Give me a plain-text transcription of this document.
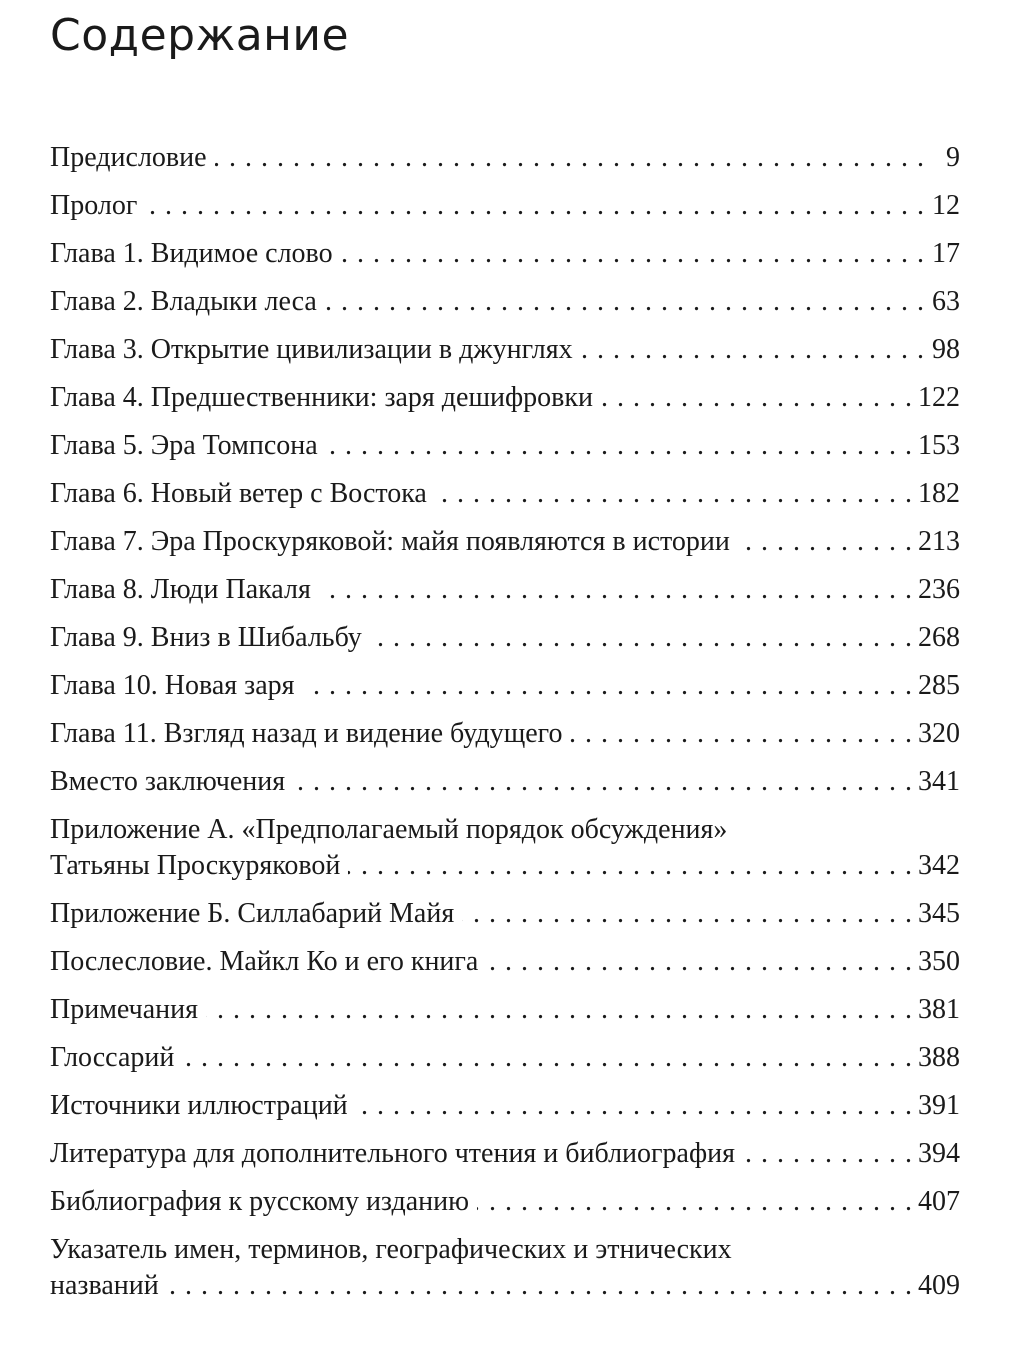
Содержание
Предисловие . . .	9
Пролог . . .	12
Глава 1. Видимое слово . . .	17
Глава 2. Владыки леса . . .	63
Глава 3. Открытие цивилизации в джунглях . . .	98
Глава 4. Предшественники: заря дешифровки . . .	122
Глава 5. Эра Томпсона . . .	153
Глава 6. Новый ветер с Востока . . .	182
Глава 7. Эра Проскуряковой: майя появляются в истории . . .	213
Глава 8. Люди Пакаля . . .	236
Глава 9. Вниз в Шибальбу . . .	268
Глава 10. Новая заря . . .	285
Глава 11. Взгляд назад и видение будущего . . .	320
Вместо заключения . . .	341
Приложение А. «Предполагаемый порядок обсуждения»
Татьяны Проскуряковой . . .	342
Приложение Б. Силлабарий Майя . . .	345
Послесловие. Майкл Ко и его книга . . .	350
Примечания . . .	381
Глоссарий . . .	388
Источники иллюстраций . . .	391
Литература для дополнительного чтения и библиография . . .	394
Библиография к русскому изданию . . .	407
Указатель имен, терминов, географических и этнических
названий . . .	409
